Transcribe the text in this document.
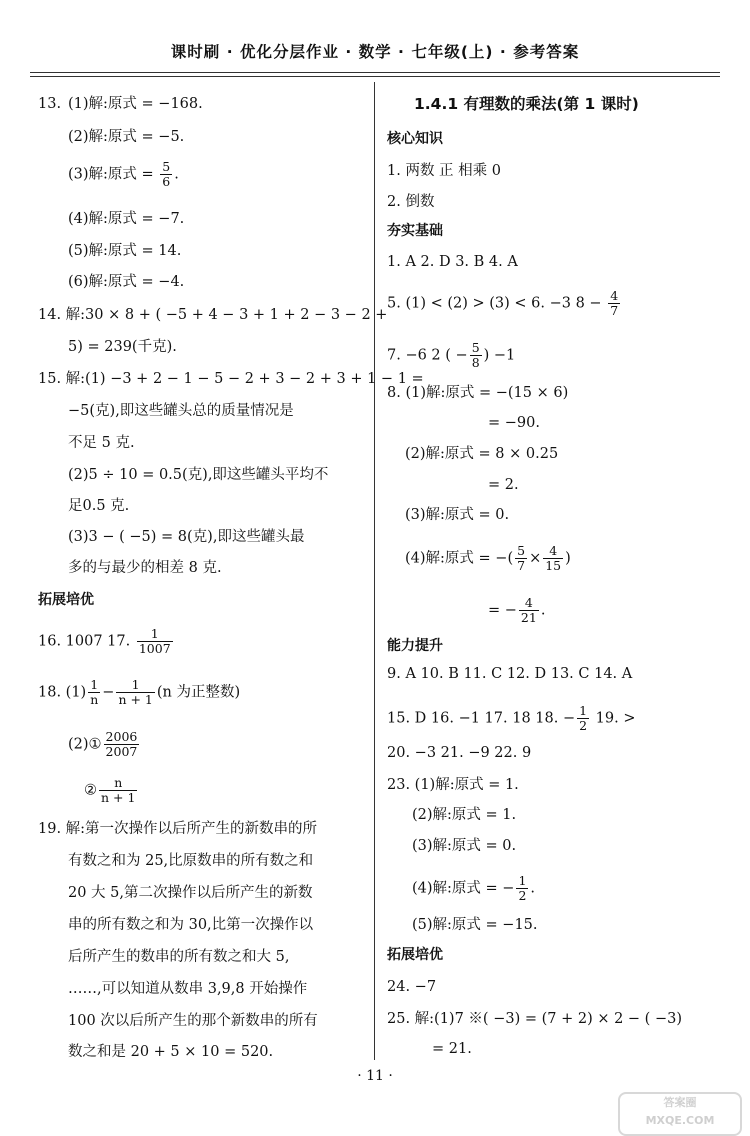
课时刷 · 优化分层作业 · 数学 · 七年级(上) · 参考答案
13. (1)解:原式 = −168.
(2)解:原式 = −5.
(3)解:原式 = $\frac{5}{6}$ .
(4)解:原式 = −7.
(5)解:原式 = 14.
(6)解:原式 = −4.
14. 解:30 × 8 + ( −5 + 4 − 3 + 1 + 2 − 3 − 2 +
5) = 239(千克).
15. 解:(1) −3 + 2 − 1 − 5 − 2 + 3 − 2 + 3 + 1 − 1 =
−5(克),即这些罐头总的质量情况是
不足 5 克.
(2)5 ÷ 10 = 0.5(克),即这些罐头平均不
足0.5 克.
(3)3 − ( −5) = 8(克),即这些罐头最
多的与最少的相差 8 克.
拓展培优
16. 1007 17. $\frac{1}{1007}$
18. $(1) \frac{1}{n} - \frac{1}{n + 1} (n$ 为正整数)
(2)① $\frac{2006}{2007}$
② $\frac{n}{n + 1}$
19. 解:第一次操作以后所产生的新数串的所
有数之和为 25,比原数串的所有数之和
20 大 5,第二次操作以后所产生的新数
串的所有数之和为 30,比第一次操作以
后所产生的数串的所有数之和大 5,
……,可以知道从数串 3,9,8 开始操作
100 次以后所产生的那个新数串的所有
数之和是 20 + 5 × 10 = 520.
1.4.1 有理数的乘法(第 1 课时)
核心知识
1. 两数 正 相乘 0
2. 倒数
夯实基础
1. A 2. D 3. B 4. A
5. (1) < (2) > (3) < 6. −3 $8 - \frac{4}{7}$
7. −6 2 ( − $\frac{5}{8}$ ) −1
8. (1)解:原式 = −(15 × 6)
= −90.
(2)解:原式 = 8 × 0.25
= 2.
(3)解:原式 = 0.
(4)解:原式 = −( $\frac{5}{7} \times \frac{4}{15}$ )
= − $\frac{4}{21}$ .
能力提升
9. A 10. B 11. C 12. D 13. C 14. A
15. D 16. −1 17. 18 18. − $\frac{1}{2} 19$. >
20. −3 21. −9 22. 9
23. (1)解:原式 = 1.
(2)解:原式 = 1.
(3)解:原式 = 0.
(4)解:原式 = − $\frac{1}{2}$ .
(5)解:原式 = −15.
拓展培优
24. −7
25. 解:(1)7 ※( −3) = (7 + 2) × 2 − ( −3)
= 21.
· 11 ·
答案圈
MXQE.COM
